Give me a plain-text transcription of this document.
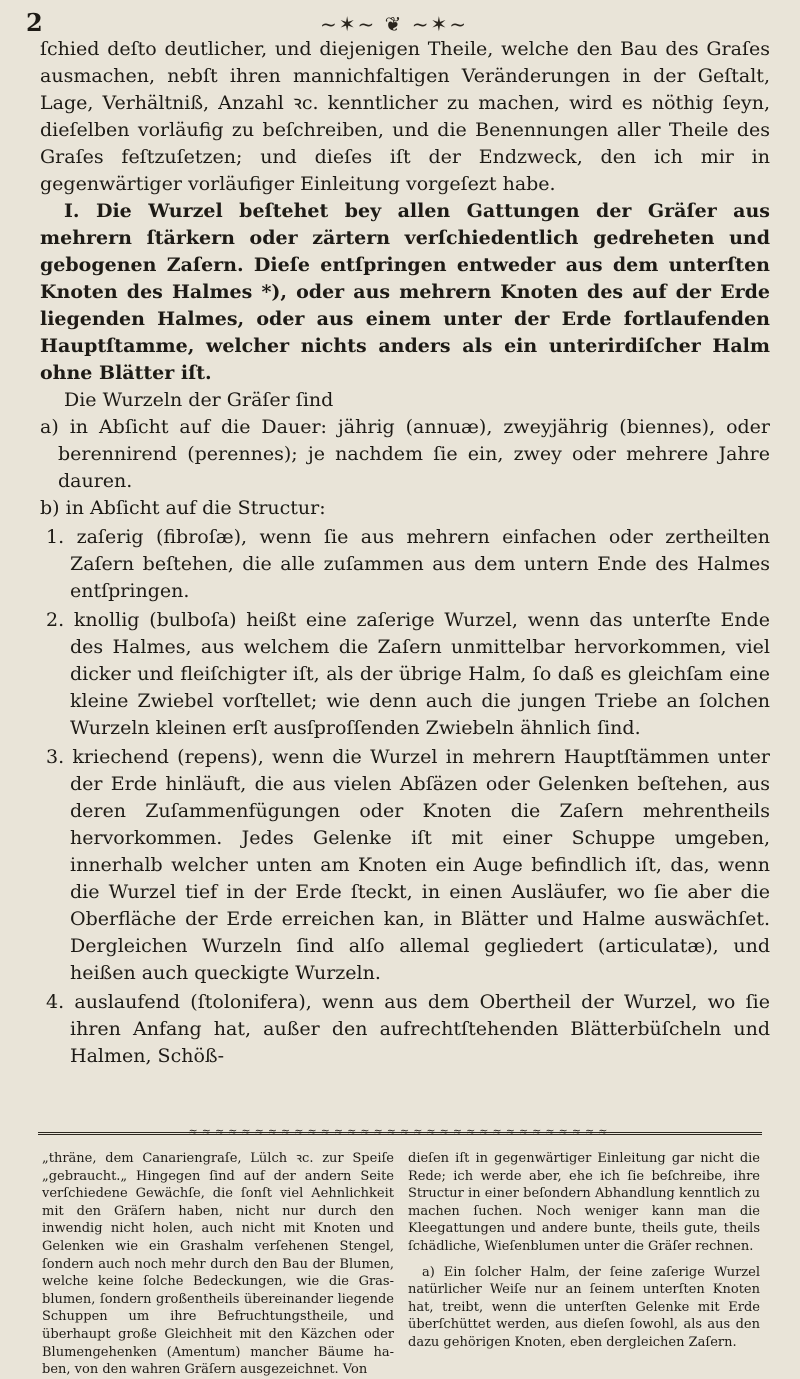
2	~✶~ ❦ ~✶~

ſchied deſto deutlicher, und diejenigen Theile, welche den Bau des Graſes ausmachen, nebſt ihren mannichfaltigen Veränderungen in der Geſtalt, Lage, Verhältniß, Anzahl ꝛc. kenntlicher zu machen, wird es nöthig ſeyn, dieſelben vorläufig zu beſchreiben, und die Benennungen aller Theile des Graſes feſtzuſetzen; und dieſes iſt der Endzweck, den ich mir in gegenwärtiger vorläufiger Einleitung vorgeſezt habe.

I. Die Wurzel beſtehet bey allen Gattungen der Gräſer aus mehrern ſtärkern oder zärtern verſchiedentlich gedreheten und gebogenen Zaſern. Dieſe entſpringen entweder aus dem unterſten Knoten des Halmes *), oder aus mehrern Knoten des auf der Erde liegenden Halmes, oder aus einem unter der Erde fortlaufenden Hauptſtamme, welcher nichts anders als ein unterirdiſcher Halm ohne Blätter iſt.

Die Wurzeln der Gräſer ſind

a) in Abſicht auf die Dauer: jährig (annuæ), zweyjährig (biennes), oder berennirend (perennes); je nachdem ſie ein, zwey oder mehrere Jahre dauren.

b) in Abſicht auf die Structur:

1. zaſerig (fibroſæ), wenn ſie aus mehrern einfachen oder zertheilten Zaſern beſtehen, die alle zuſammen aus dem untern Ende des Halmes entſpringen.

2. knollig (bulboſa) heißt eine zaſerige Wurzel, wenn das unterſte Ende des Halmes, aus welchem die Zaſern unmittelbar hervorkommen, viel dicker und fleiſchigter iſt, als der übrige Halm, ſo daß es gleichſam eine kleine Zwiebel vorſtellet; wie denn auch die jungen Triebe an ſolchen Wurzeln kleinen erſt ausſproſſenden Zwiebeln ähnlich ſind.

3. kriechend (repens), wenn die Wurzel in mehrern Hauptſtämmen unter der Erde hinläuft, die aus vielen Abſäzen oder Gelenken beſtehen, aus deren Zuſammenfügungen oder Knoten die Zaſern mehrentheils hervorkommen. Jedes Gelenke iſt mit einer Schuppe umgeben, innerhalb welcher unten am Knoten ein Auge befindlich iſt, das, wenn die Wurzel tief in der Erde ſteckt, in einen Ausläufer, wo ſie aber die Oberfläche der Erde erreichen kan, in Blätter und Halme auswächſet. Dergleichen Wurzeln ſind alſo allemal gegliedert (articulatæ), und heißen auch queckigte Wurzeln.

4. auslaufend (ſtolonifera), wenn aus dem Obertheil der Wurzel, wo ſie ihren Anfang hat, außer den aufrechtſtehenden Blätterbüſcheln und Halmen, Schöß-

≈≈≈≈≈≈≈≈≈≈≈≈≈≈≈≈≈≈≈≈≈≈≈≈≈≈≈≈≈≈≈≈

„thräne, dem Canariengraſe, Lülch ꝛc. zur Speiſe „gebraucht.„ Hingegen ſind auf der andern Seite verſchiedene Gewächſe, die ſonſt viel Aehnlichkeit mit den Gräſern haben, nicht nur durch den inwendig nicht holen, auch nicht mit Knoten und Gelenken wie ein Grashalm verſehenen Stengel, ſondern auch noch mehr durch den Bau der Blumen, welche keine ſolche Bedeckungen, wie die Grasblumen, ſondern großentheils übereinander liegende Schuppen um ihre Befruchtungstheile, und überhaupt große Gleichheit mit den Käzchen oder Blumengehenken (Amentum) mancher Bäume haben, von den wahren Gräſern ausgezeichnet. Von

dieſen iſt in gegenwärtiger Einleitung gar nicht die Rede; ich werde aber, ehe ich ſie beſchreibe, ihre Structur in einer beſondern Abhandlung kenntlich zu machen ſuchen. Noch weniger kann man die Kleegattungen und andere bunte, theils gute, theils ſchädliche, Wieſenblumen unter die Gräſer rechnen.

a) Ein ſolcher Halm, der ſeine zaſerige Wurzel natürlicher Weiſe nur an ſeinem unterſten Knoten hat, treibt, wenn die unterſten Gelenke mit Erde überſchüttet werden, aus dieſen ſowohl, als aus den dazu gehörigen Knoten, eben dergleichen Zaſern.
